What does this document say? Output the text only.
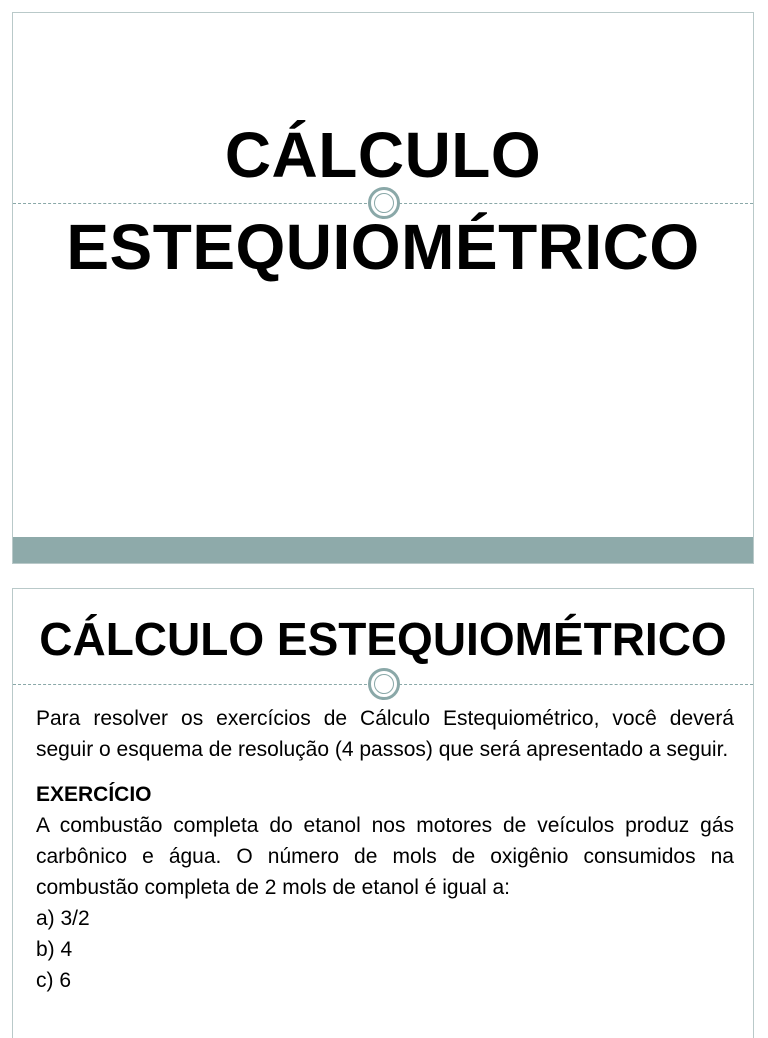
CÁLCULO
ESTEQUIOMÉTRICO
CÁLCULO ESTEQUIOMÉTRICO

Para resolver os exercícios de Cálculo Estequiométrico, você deverá seguir o esquema de resolução (4 passos) que será apresentado a seguir.

EXERCÍCIO

A combustão completa do etanol nos motores de veículos produz gás carbônico e água. O número de mols de oxigênio consumidos na combustão completa de 2 mols de etanol é igual a:

a) 3/2

b) 4

c) 6
